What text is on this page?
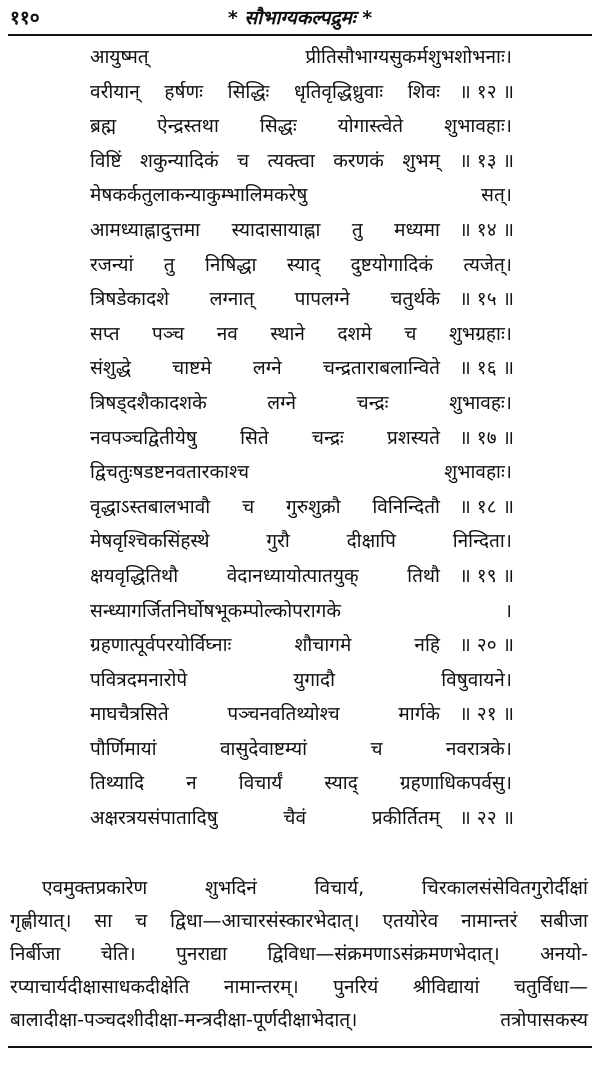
११०	* सौभाग्यकल्पद्रुमः *
आयुष्मत्	प्रीतिसौभाग्यसुकर्मशुभशोभनाः।
वरीयान् हर्षणः सिद्धिः धृतिवृद्धिध्रुवाः शिवः ॥ १२ ॥
ब्रह्म ऐन्द्रस्तथा सिद्धः योगास्त्वेते शुभावहाः।
विष्टिं शकुन्यादिकं च त्यक्त्वा करणकं शुभम् ॥ १३ ॥
मेषकर्कतुलाकन्याकुम्भालिमकरेषु	सत्।
आमध्याह्नादुत्तमा स्यादासायाह्ना तु मध्यमा ॥ १४ ॥
रजन्यां तु निषिद्धा स्याद् दुष्टयोगादिकं त्यजेत्।
त्रिषडेकादशे लग्नात् पापलग्ने चतुर्थके ॥ १५ ॥
सप्त पञ्च नव स्थाने दशमे च शुभग्रहाः।
संशुद्धे चाष्टमे लग्ने चन्द्रताराबलान्विते ॥ १६ ॥
त्रिषड्दशैकादशके	लग्ने	चन्द्रः	शुभावहः।
नवपञ्चद्वितीयेषु सिते चन्द्रः प्रशस्यते ॥ १७ ॥
द्विचतुःषडष्टनवतारकाश्च	शुभावहाः।
वृद्धाऽस्तबालभावौ च गुरुशुक्रौ विनिन्दितौ ॥ १८ ॥
मेषवृश्चिकसिंहस्थे	गुरौ	दीक्षापि	निन्दिता।
क्षयवृद्धितिथौ	वेदानध्यायोत्पातयुक्	तिथौ ॥ १९ ॥
सन्ध्यागर्जितनिर्घोषभूकम्पोल्कोपरागके	।
ग्रहणात्पूर्वपरयोर्विघ्नाः	शौचागमे	नहि ॥ २० ॥
पवित्रदमनारोपे	युगादौ	विषुवायने।
माघचैत्रसिते	पञ्चनवतिथ्योश्च	मार्गके ॥ २१ ॥
पौर्णिमायां	वासुदेवाष्टम्यां	च	नवरात्रके।
तिथ्यादि न विचार्यं स्याद् ग्रहणाधिकपर्वसु।
अक्षरत्रयसंपातादिषु	चैवं	प्रकीर्तितम् ॥ २२ ॥
एवमुक्तप्रकारेण	शुभदिनं	विचार्य,	चिरकालसंसेवितगुरोर्दीक्षां
गृह्णीयात्। सा च द्विधा—आचारसंस्कारभेदात्। एतयोरेव नामान्तरं सबीजा
निर्बीजा चेति। पुनराद्या द्विविधा—संक्रमणाऽसंक्रमणभेदात्। अनयो-
रप्याचार्यदीक्षासाधकदीक्षेति नामान्तरम्। पुनरियं श्रीविद्यायां चतुर्विधा—
बालादीक्षा-पञ्चदशीदीक्षा-मन्त्रदीक्षा-पूर्णदीक्षाभेदात्।	तत्रोपासकस्य
